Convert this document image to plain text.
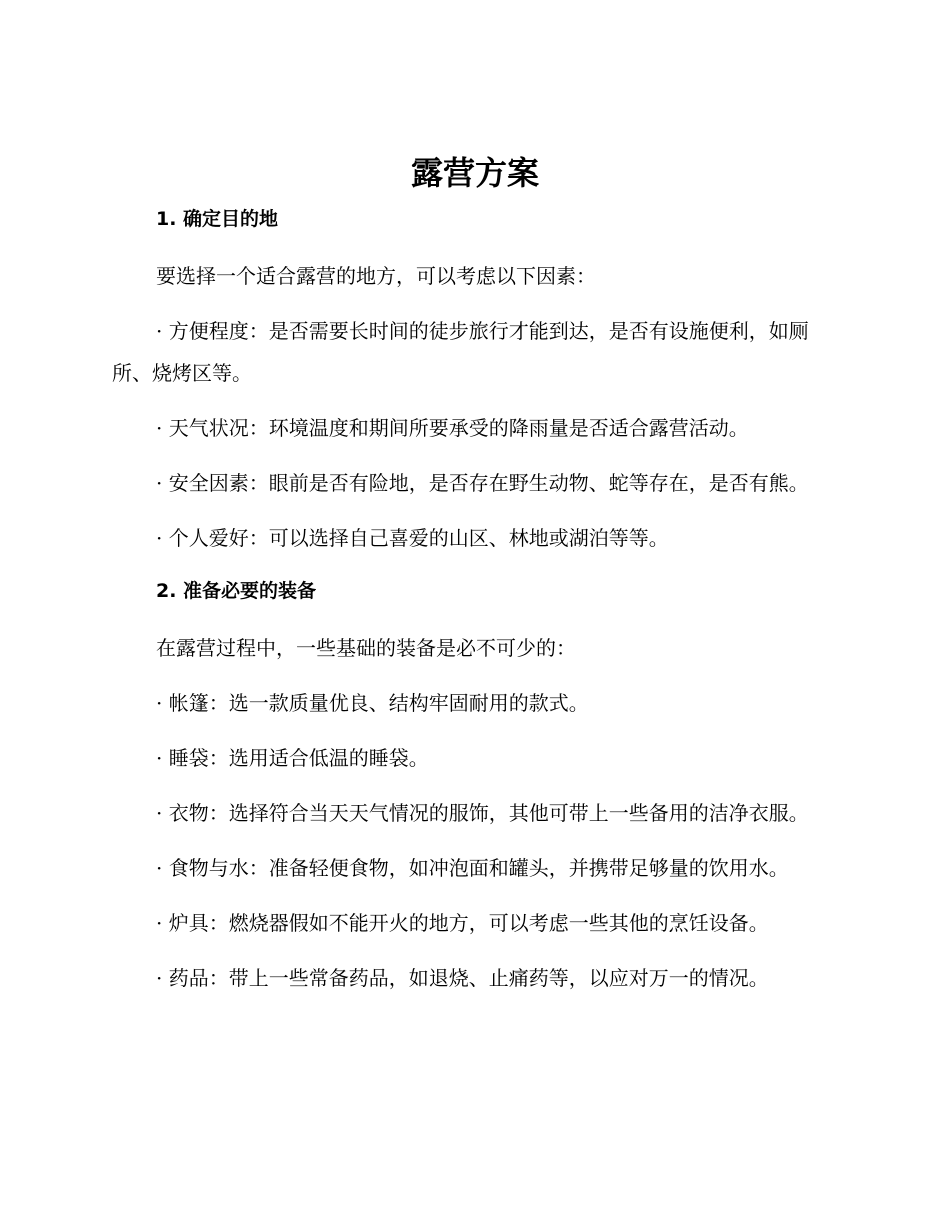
露营方案

1. 确定目的地

要选择一个适合露营的地方，可以考虑以下因素：

· 方便程度：是否需要长时间的徒步旅行才能到达，是否有设施便利，如厕所、烧烤区等。

· 天气状况：环境温度和期间所要承受的降雨量是否适合露营活动。

· 安全因素：眼前是否有险地，是否存在野生动物、蛇等存在，是否有熊。

· 个人爱好：可以选择自己喜爱的山区、林地或湖泊等等。

2. 准备必要的装备

在露营过程中，一些基础的装备是必不可少的：

· 帐篷：选一款质量优良、结构牢固耐用的款式。

· 睡袋：选用适合低温的睡袋。

· 衣物：选择符合当天天气情况的服饰，其他可带上一些备用的洁净衣服。

· 食物与水：准备轻便食物，如冲泡面和罐头，并携带足够量的饮用水。

· 炉具：燃烧器假如不能开火的地方，可以考虑一些其他的烹饪设备。

· 药品：带上一些常备药品，如退烧、止痛药等，以应对万一的情况。
